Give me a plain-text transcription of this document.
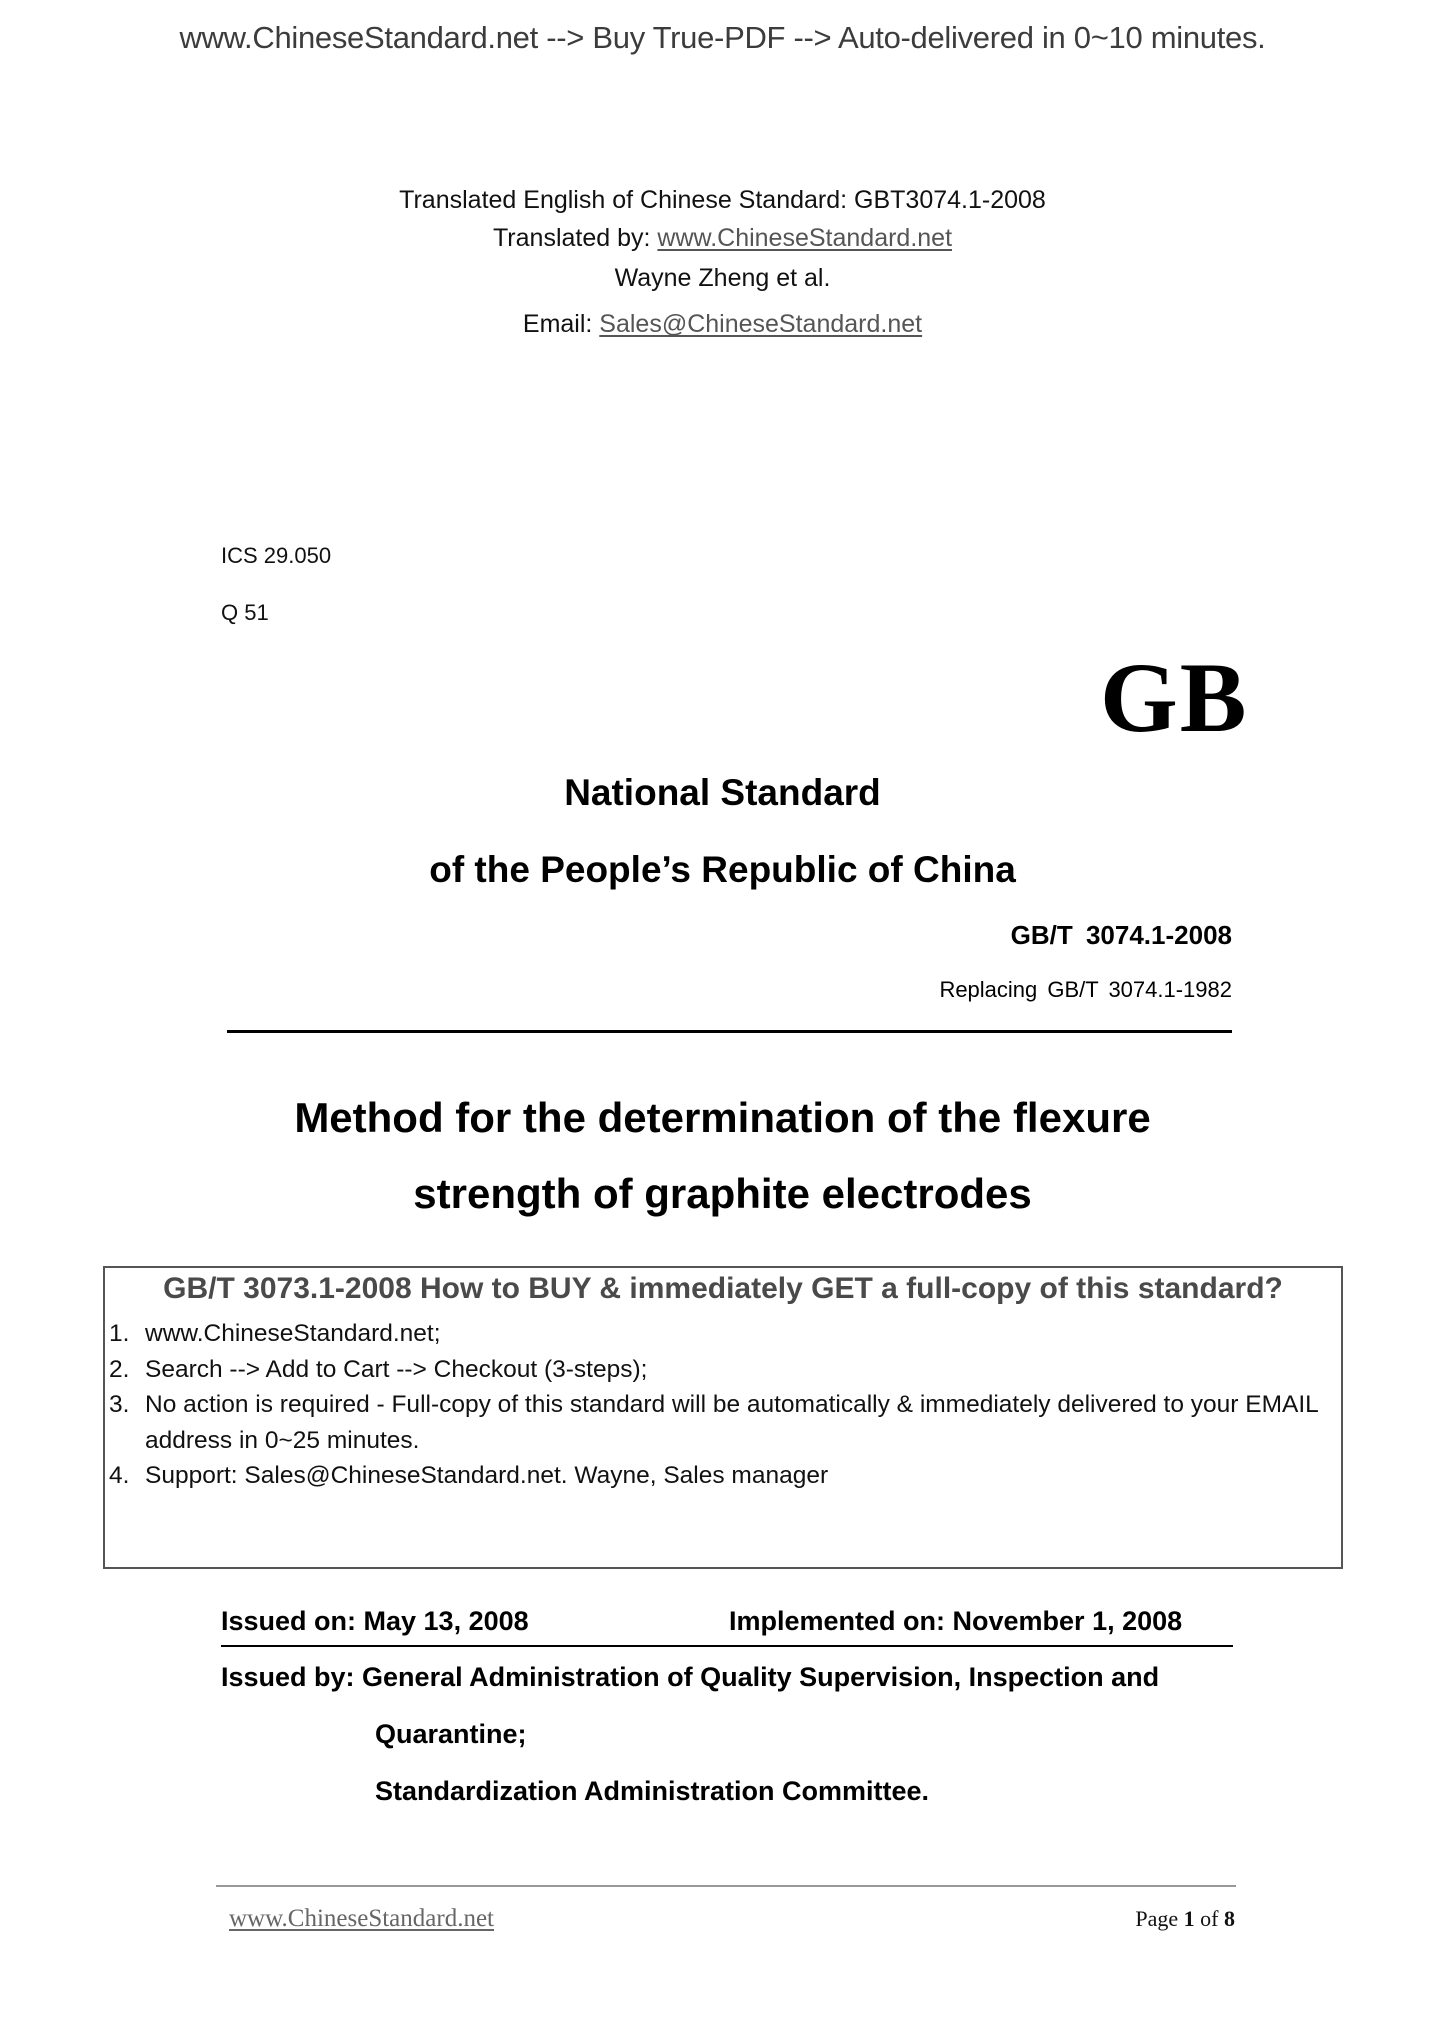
www.ChineseStandard.net --> Buy True-PDF --> Auto-delivered in 0~10 minutes.
Translated English of Chinese Standard: GBT3074.1-2008
Translated by: www.ChineseStandard.net
Wayne Zheng et al.
Email: Sales@ChineseStandard.net
ICS 29.050
Q 51
GB
National Standard
of the People’s Republic of China
GB/T 3074.1-2008
Replacing GB/T 3074.1-1982
Method for the determination of the flexure
strength of graphite electrodes
GB/T 3073.1-2008 How to BUY & immediately GET a full-copy of this standard?
1. www.ChineseStandard.net;
2. Search --> Add to Cart --> Checkout (3-steps);
3. No action is required - Full-copy of this standard will be automatically & immediately delivered to your EMAIL address in 0~25 minutes.
4. Support: Sales@ChineseStandard.net. Wayne, Sales manager
Issued on: May 13, 2008	Implemented on: November 1, 2008
Issued by: General Administration of Quality Supervision, Inspection and
Quarantine;
Standardization Administration Committee.
www.ChineseStandard.net	Page 1 of 8
